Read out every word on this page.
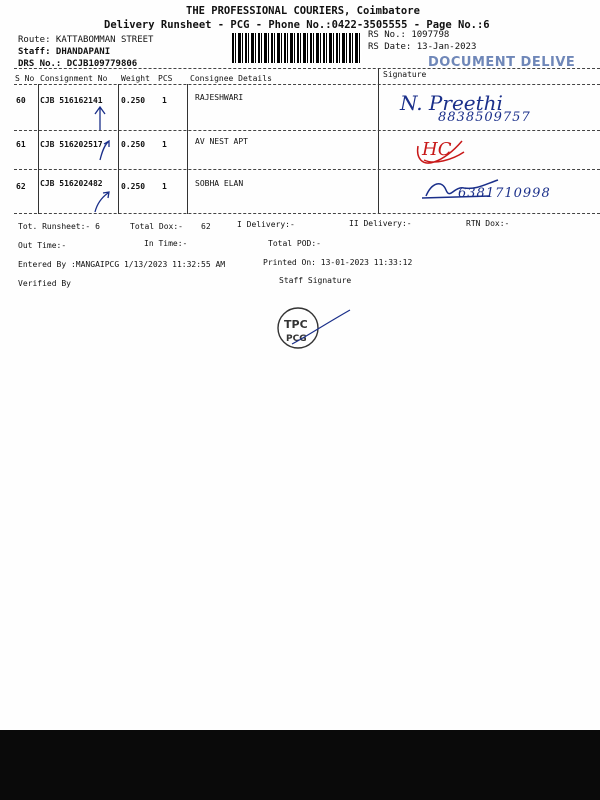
THE PROFESSIONAL COURIERS, Coimbatore
Delivery Runsheet - PCG - Phone No.:0422-3505555 - Page No.:6
Route: KATTABOMMAN STREET
Staff: DHANDAPANI
DRS No.: DCJB109779806
RS No.: 1097798
RS Date: 13-Jan-2023
DOCUMENT DELIVE
S No Consignment No Weight PCS Consignee Details	Signature
60 CJB 516162141 0.250 1	RAJESHWARI	N. Preethi
8838509757
61 CJB 516202517 0.250 1	AV NEST APT	HC
62 CJB 516202482 0.250 1	SOBHA ELAN
6381710998
Tot. Runsheet:- 6	Total Dox:- 62	I Delivery:-	II Delivery:-	RTN Dox:-
Out Time:-	In Time:-	Total POD:-
Entered By :MANGAIPCG 1/13/2023 11:32:55 AM	Printed On: 13-01-2023 11:33:12
Verified By	Staff Signature
TPC
PCG
